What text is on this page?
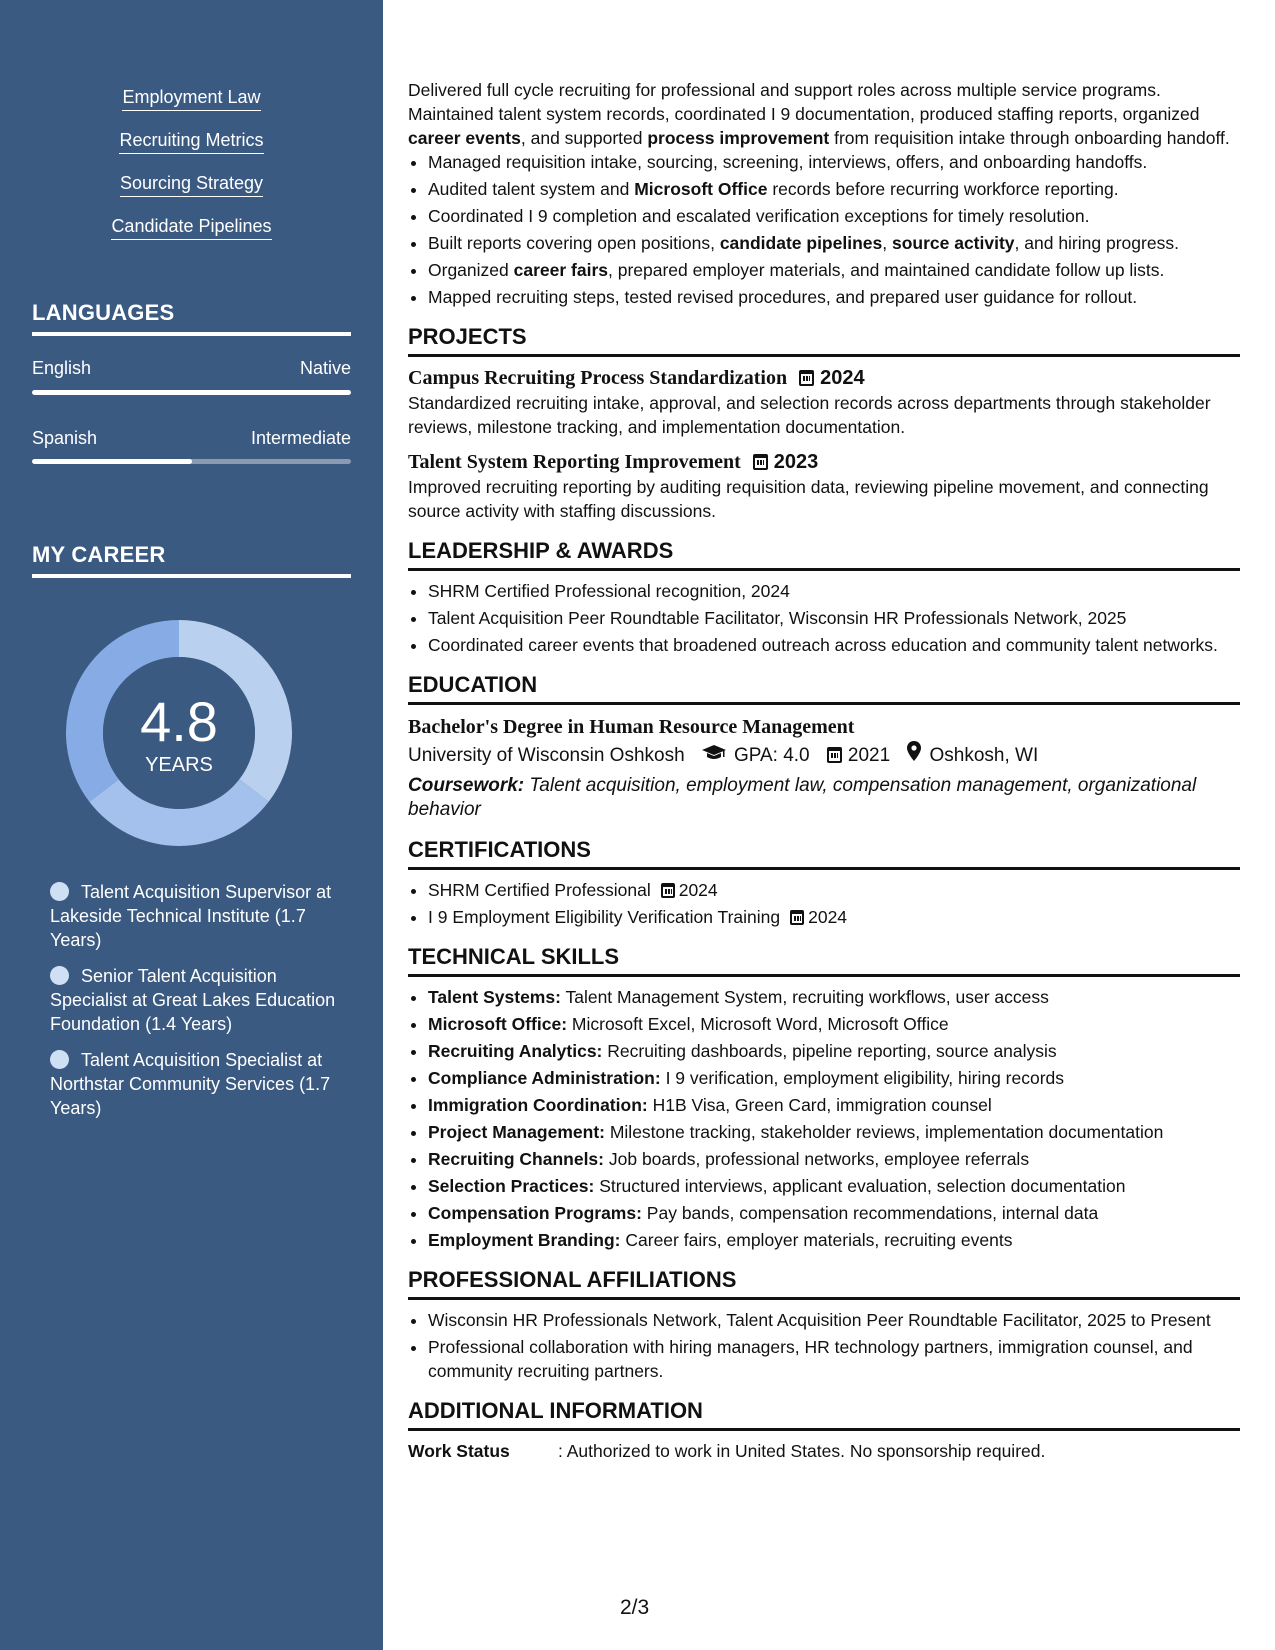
Employment Law
Recruiting Metrics
Sourcing Strategy
Candidate Pipelines
LANGUAGES
English	Native
Spanish	Intermediate
MY CAREER
4.8
YEARS
Talent Acquisition Supervisor at Lakeside Technical Institute (1.7 Years)
Senior Talent Acquisition Specialist at Great Lakes Education Foundation (1.4 Years)
Talent Acquisition Specialist at Northstar Community Services (1.7 Years)

Delivered full cycle recruiting for professional and support roles across multiple service programs. Maintained talent system records, coordinated I 9 documentation, produced staffing reports, organized career events, and supported process improvement from requisition intake through onboarding handoff.

• Managed requisition intake, sourcing, screening, interviews, offers, and onboarding handoffs.
• Audited talent system and Microsoft Office records before recurring workforce reporting.
• Coordinated I 9 completion and escalated verification exceptions for timely resolution.
• Built reports covering open positions, candidate pipelines, source activity, and hiring progress.
• Organized career fairs, prepared employer materials, and maintained candidate follow up lists.
• Mapped recruiting steps, tested revised procedures, and prepared user guidance for rollout.
PROJECTS
Campus Recruiting Process Standardization 2024

Standardized recruiting intake, approval, and selection records across departments through stakeholder reviews, milestone tracking, and implementation documentation.

Talent System Reporting Improvement 2023

Improved recruiting reporting by auditing requisition data, reviewing pipeline movement, and connecting source activity with staffing discussions.

LEADERSHIP & AWARDS
• SHRM Certified Professional recognition, 2024
• Talent Acquisition Peer Roundtable Facilitator, Wisconsin HR Professionals Network, 2025
• Coordinated career events that broadened outreach across education and community talent networks.
EDUCATION
Bachelor's Degree in Human Resource Management
University of Wisconsin Oshkosh	GPA: 4.0 2021 Oshkosh, WI

Coursework: Talent acquisition, employment law, compensation management, organizational behavior

CERTIFICATIONS
• SHRM Certified Professional 2024
• I 9 Employment Eligibility Verification Training 2024
TECHNICAL SKILLS
• Talent Systems: Talent Management System, recruiting workflows, user access
• Microsoft Office: Microsoft Excel, Microsoft Word, Microsoft Office
• Recruiting Analytics: Recruiting dashboards, pipeline reporting, source analysis
• Compliance Administration: I 9 verification, employment eligibility, hiring records
• Immigration Coordination: H1B Visa, Green Card, immigration counsel
• Project Management: Milestone tracking, stakeholder reviews, implementation documentation
• Recruiting Channels: Job boards, professional networks, employee referrals
• Selection Practices: Structured interviews, applicant evaluation, selection documentation
• Compensation Programs: Pay bands, compensation recommendations, internal data
• Employment Branding: Career fairs, employer materials, recruiting events
PROFESSIONAL AFFILIATIONS
• Wisconsin HR Professionals Network, Talent Acquisition Peer Roundtable Facilitator, 2025 to Present
• Professional collaboration with hiring managers, HR technology partners, immigration counsel, and community recruiting partners.
ADDITIONAL INFORMATION
Work Status	: Authorized to work in United States. No sponsorship required.
2/3
